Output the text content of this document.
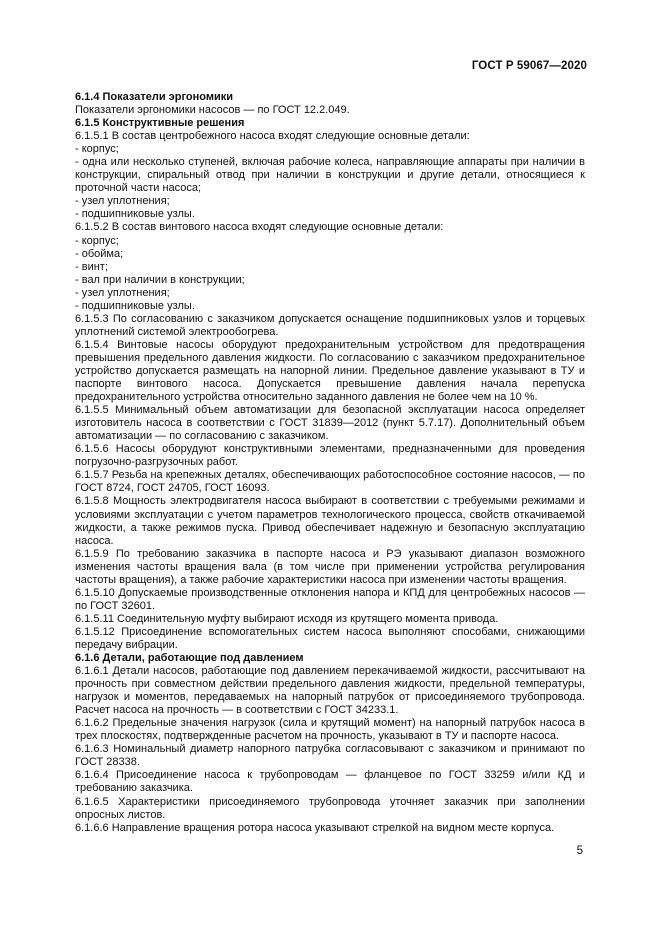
ГОСТ Р 59067—2020

6.1.4 Показатели эргономики

Показатели эргономики насосов — по ГОСТ 12.2.049.

6.1.5 Конструктивные решения

6.1.5.1 В состав центробежного насоса входят следующие основные детали:

- корпус;

- одна или несколько ступеней, включая рабочие колеса, направляющие аппараты при наличии в конструкции, спиральный отвод при наличии в конструкции и другие детали, относящиеся к проточной части насоса;

- узел уплотнения;

- подшипниковые узлы.

6.1.5.2 В состав винтового насоса входят следующие основные детали:

- корпус;

- обойма;

- винт;

- вал при наличии в конструкции;

- узел уплотнения;

- подшипниковые узлы.

6.1.5.3 По согласованию с заказчиком допускается оснащение подшипниковых узлов и торцевых уплотнений системой электрообогрева.

6.1.5.4 Винтовые насосы оборудуют предохранительным устройством для предотвращения превышения предельного давления жидкости. По согласованию с заказчиком предохранительное устройство допускается размещать на напорной линии. Предельное давление указывают в ТУ и паспорте винтового насоса. Допускается превышение давления начала перепуска предохранительного устройства относительно заданного давления не более чем на 10 %.

6.1.5.5 Минимальный объем автоматизации для безопасной эксплуатации насоса определяет изготовитель насоса в соответствии с ГОСТ 31839—2012 (пункт 5.7.17). Дополнительный объем автоматизации — по согласованию с заказчиком.

6.1.5.6 Насосы оборудуют конструктивными элементами, предназначенными для проведения погрузочно-разгрузочных работ.

6.1.5.7 Резьба на крепежных деталях, обеспечивающих работоспособное состояние насосов, — по ГОСТ 8724, ГОСТ 24705, ГОСТ 16093.

6.1.5.8 Мощность электродвигателя насоса выбирают в соответствии с требуемыми режимами и условиями эксплуатации с учетом параметров технологического процесса, свойств откачиваемой жидкости, а также режимов пуска. Привод обеспечивает надежную и безопасную эксплуатацию насоса.

6.1.5.9 По требованию заказчика в паспорте насоса и РЭ указывают диапазон возможного изменения частоты вращения вала (в том числе при применении устройства регулирования частоты вращения), а также рабочие характеристики насоса при изменении частоты вращения.

6.1.5.10 Допускаемые производственные отклонения напора и КПД для центробежных насосов — по ГОСТ 32601.

6.1.5.11 Соединительную муфту выбирают исходя из крутящего момента привода.

6.1.5.12 Присоединение вспомогательных систем насоса выполняют способами, снижающими передачу вибрации.

6.1.6 Детали, работающие под давлением

6.1.6.1 Детали насосов, работающие под давлением перекачиваемой жидкости, рассчитывают на прочность при совместном действии предельного давления жидкости, предельной температуры, нагрузок и моментов, передаваемых на напорный патрубок от присоединяемого трубопровода. Расчет насоса на прочность — в соответствии с ГОСТ 34233.1.

6.1.6.2 Предельные значения нагрузок (сила и крутящий момент) на напорный патрубок насоса в трех плоскостях, подтвержденные расчетом на прочность, указывают в ТУ и паспорте насоса.

6.1.6.3 Номинальный диаметр напорного патрубка согласовывают с заказчиком и принимают по ГОСТ 28338.

6.1.6.4 Присоединение насоса к трубопроводам — фланцевое по ГОСТ 33259 и/или КД и требованию заказчика.

6.1.6.5 Характеристики присоединяемого трубопровода уточняет заказчик при заполнении опросных листов.

6.1.6.6 Направление вращения ротора насоса указывают стрелкой на видном месте корпуса.

5
